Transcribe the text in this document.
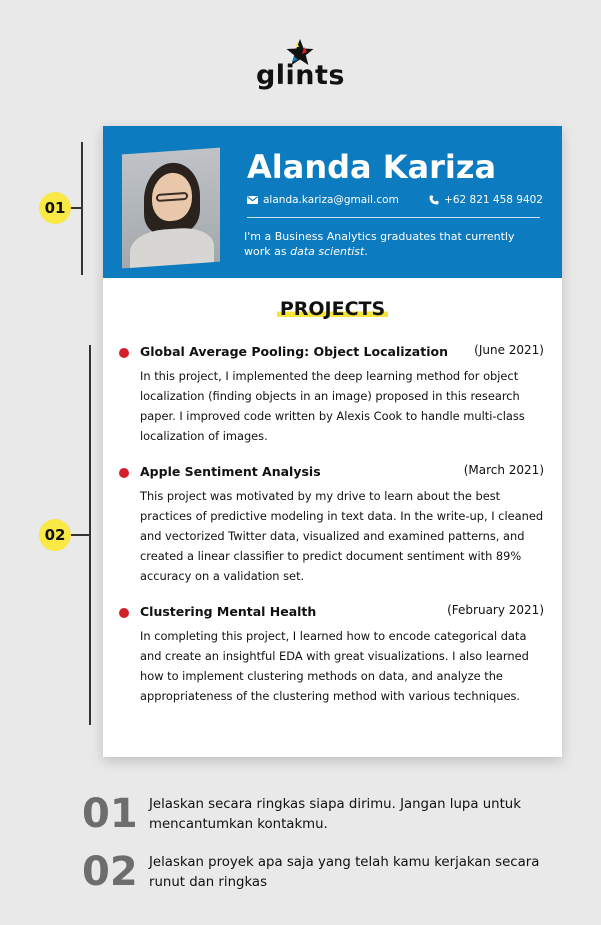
glints
01
02
Alanda Kariza
alanda.kariza@gmail.com	+62 821 458 9402
I'm a Business Analytics graduates that currently work as data scientist.
PROJECTS
Global Average Pooling: Object Localization (June 2021)
In this project, I implemented the deep learning method for object localization (finding objects in an image) proposed in this research paper. I improved code written by Alexis Cook to handle multi-class localization of images.
Apple Sentiment Analysis	(March 2021)
This project was motivated by my drive to learn about the best practices of predictive modeling in text data. In the write-up, I cleaned and vectorized Twitter data, visualized and examined patterns, and created a linear classifier to predict document sentiment with 89% accuracy on a validation set.
Clustering Mental Health	(February 2021)
In completing this project, I learned how to encode categorical data and create an insightful EDA with great visualizations. I also learned how to implement clustering methods on data, and analyze the appropriateness of the clustering method with various techniques.
01 Jelaskan secara ringkas siapa dirimu. Jangan lupa untuk mencantumkan kontakmu.
02 Jelaskan proyek apa saja yang telah kamu kerjakan secara runut dan ringkas
